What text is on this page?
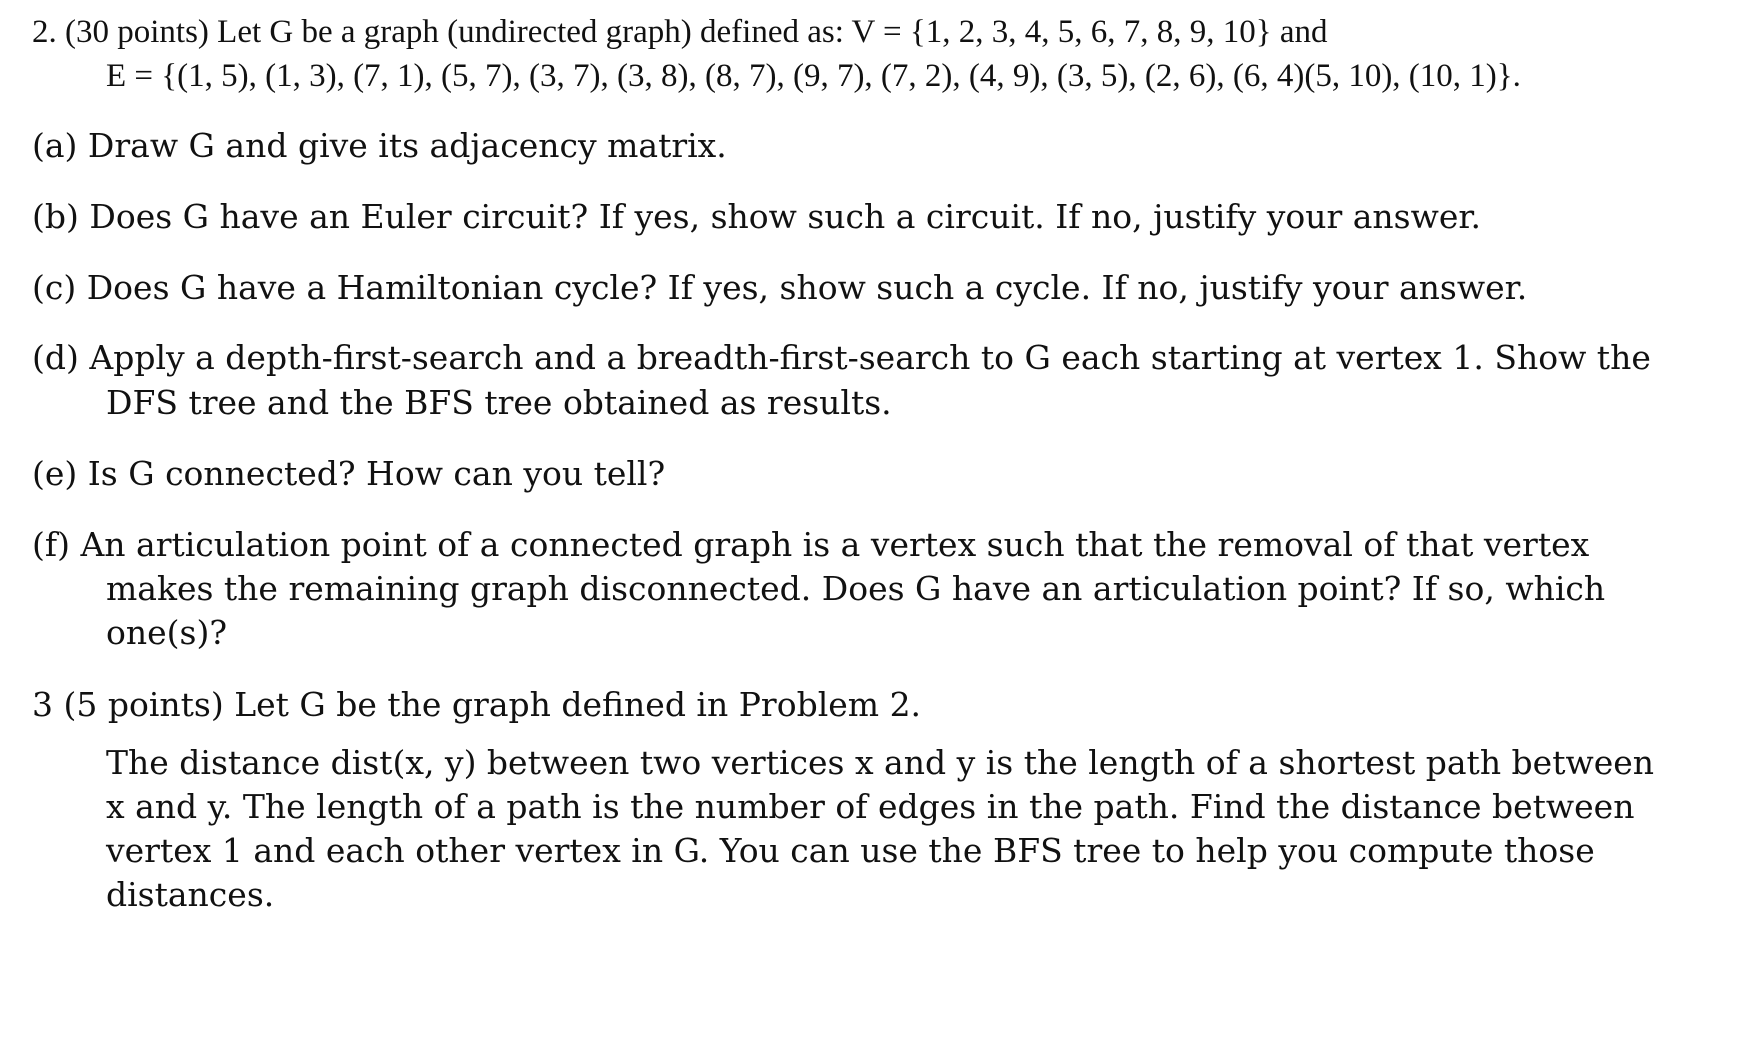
2. (30 points) Let G be a graph (undirected graph) defined as: V = {1, 2, 3, 4, 5, 6, 7, 8, 9, 10} and
E = {(1, 5), (1, 3), (7, 1), (5, 7), (3, 7), (3, 8), (8, 7), (9, 7), (7, 2), (4, 9), (3, 5), (2, 6), (6, 4)(5, 10), (10, 1)}.
(a) Draw G and give its adjacency matrix.
(b) Does G have an Euler circuit? If yes, show such a circuit. If no, justify your answer.
(c) Does G have a Hamiltonian cycle? If yes, show such a cycle. If no, justify your answer.
(d) Apply a depth-first-search and a breadth-first-search to G each starting at vertex 1. Show the
DFS tree and the BFS tree obtained as results.
(e) Is G connected? How can you tell?
(f) An articulation point of a connected graph is a vertex such that the removal of that vertex
makes the remaining graph disconnected. Does G have an articulation point? If so, which
one(s)?
3 (5 points) Let G be the graph defined in Problem 2.
The distance dist(x, y) between two vertices x and y is the length of a shortest path between
x and y. The length of a path is the number of edges in the path. Find the distance between
vertex 1 and each other vertex in G. You can use the BFS tree to help you compute those
distances.
